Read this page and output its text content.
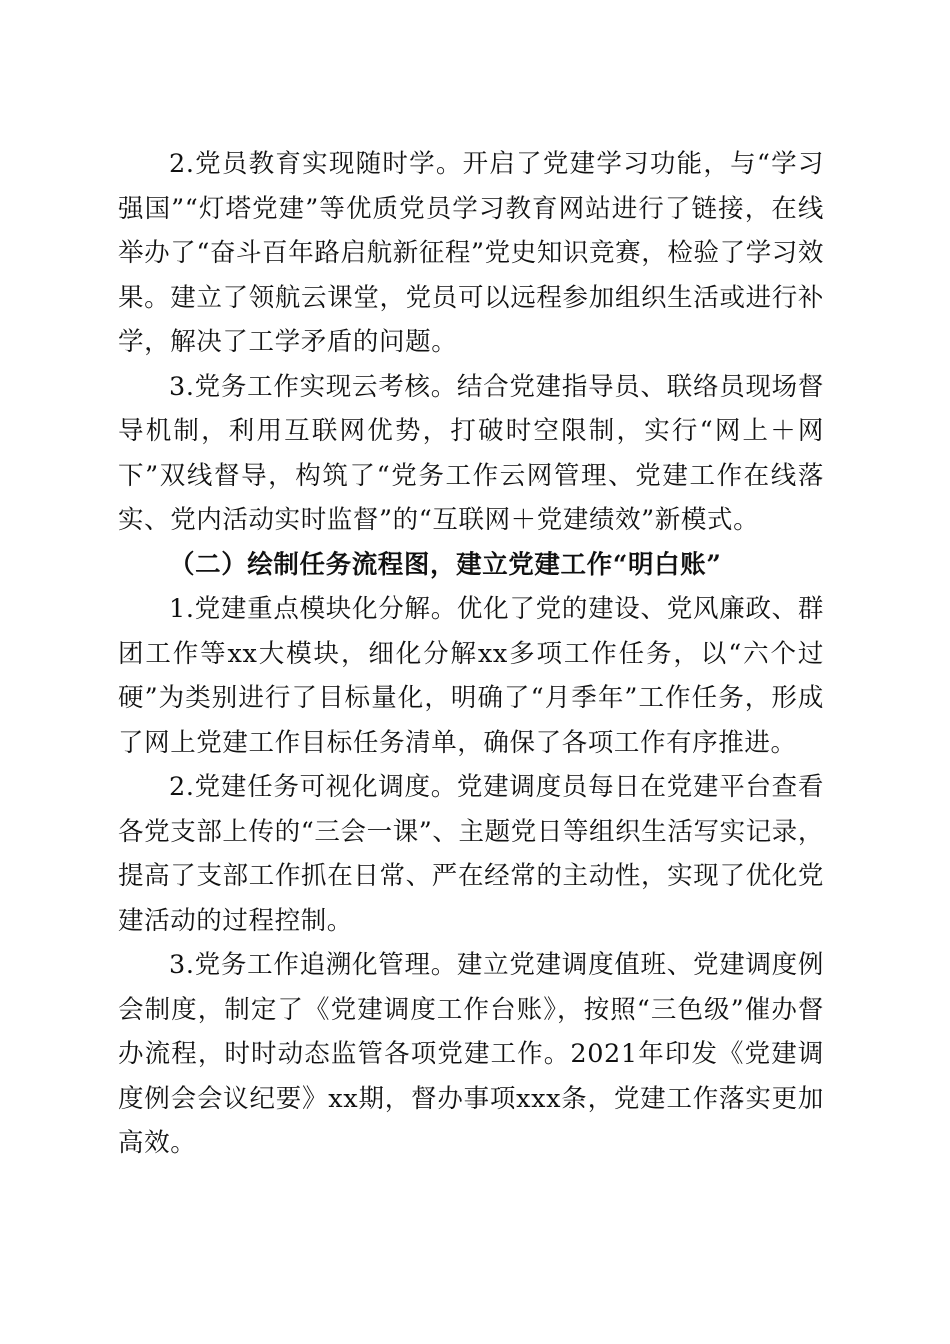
2.党员教育实现随时学。开启了党建学习功能，与“学习强国”“灯塔党建”等优质党员学习教育网站进行了链接，在线举办了“奋斗百年路启航新征程”党史知识竞赛，检验了学习效果。建立了领航云课堂，党员可以远程参加组织生活或进行补学，解决了工学矛盾的问题。

3.党务工作实现云考核。结合党建指导员、联络员现场督导机制，利用互联网优势，打破时空限制，实行“网上＋网下”双线督导，构筑了“党务工作云网管理、党建工作在线落实、党内活动实时监督”的“互联网＋党建绩效”新模式。

（二）绘制任务流程图，建立党建工作“明白账”

1.党建重点模块化分解。优化了党的建设、党风廉政、群团工作等xx大模块，细化分解xx多项工作任务，以“六个过硬”为类别进行了目标量化，明确了“月季年”工作任务，形成了网上党建工作目标任务清单，确保了各项工作有序推进。

2.党建任务可视化调度。党建调度员每日在党建平台查看各党支部上传的“三会一课”、主题党日等组织生活写实记录，提高了支部工作抓在日常、严在经常的主动性，实现了优化党建活动的过程控制。

3.党务工作追溯化管理。建立党建调度值班、党建调度例会制度，制定了《党建调度工作台账》，按照“三色级”催办督办流程，时时动态监管各项党建工作。2021年印发《党建调度例会会议纪要》xx期，督办事项xxx条，党建工作落实更加高效。
